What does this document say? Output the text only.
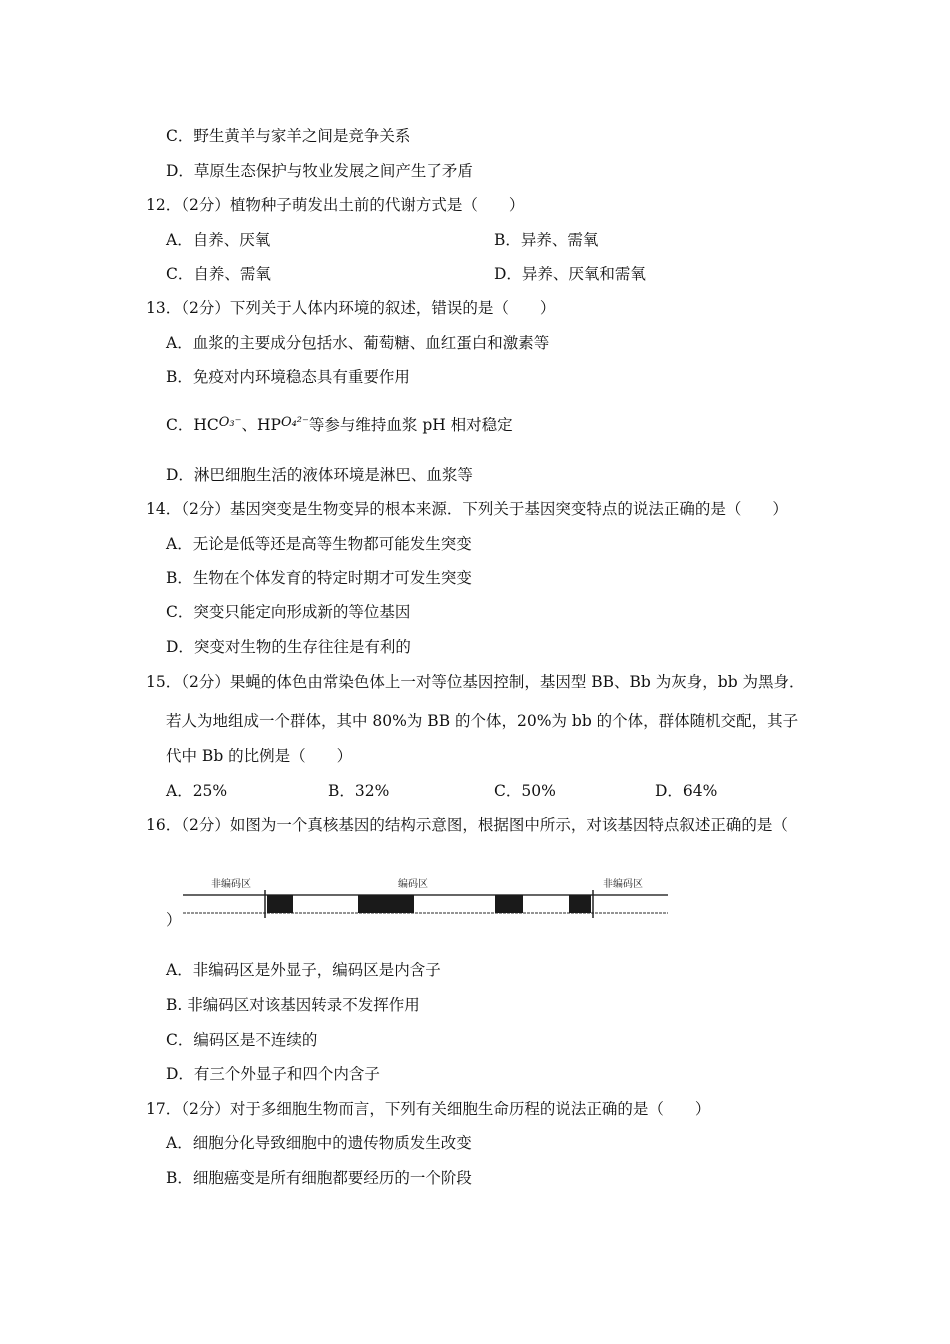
C．野生黄羊与家羊之间是竞争关系
D．草原生态保护与牧业发展之间产生了矛盾
12．（2分）植物种子萌发出土前的代谢方式是（　　）
A．自养、厌氧	B．异养、需氧
C．自养、需氧	D．异养、厌氧和需氧
13．（2分）下列关于人体内环境的叙述，错误的是（　　）
A．血浆的主要成分包括水、葡萄糖、血红蛋白和激素等
B．免疫对内环境稳态具有重要作用
C．$HC^{O_3^-}$、$HP^{O_4^{2-}}$等参与维持血浆 pH 相对稳定
D．淋巴细胞生活的液体环境是淋巴、血浆等
14．（2分）基因突变是生物变异的根本来源．下列关于基因突变特点的说法正确的是（　　）
A．无论是低等还是高等生物都可能发生突变
B．生物在个体发育的特定时期才可发生突变
C．突变只能定向形成新的等位基因
D．突变对生物的生存往往是有利的
15．（2分）果蝇的体色由常染色体上一对等位基因控制，基因型 BB、Bb 为灰身，bb 为黑身．
若人为地组成一个群体，其中 80%为 BB 的个体，20%为 bb 的个体，群体随机交配，其子
代中 Bb 的比例是（　　）
A．25%	B．32%	C．50%	D．64%
16．（2分）如图为一个真核基因的结构示意图，根据图中所示，对该基因特点叙述正确的是（
非编码区	编码区	非编码区
）
A．非编码区是外显子，编码区是内含子
B. 非编码区对该基因转录不发挥作用
C．编码区是不连续的
D．有三个外显子和四个内含子
17．（2分）对于多细胞生物而言，下列有关细胞生命历程的说法正确的是（　　）
A．细胞分化导致细胞中的遗传物质发生改变
B．细胞癌变是所有细胞都要经历的一个阶段
